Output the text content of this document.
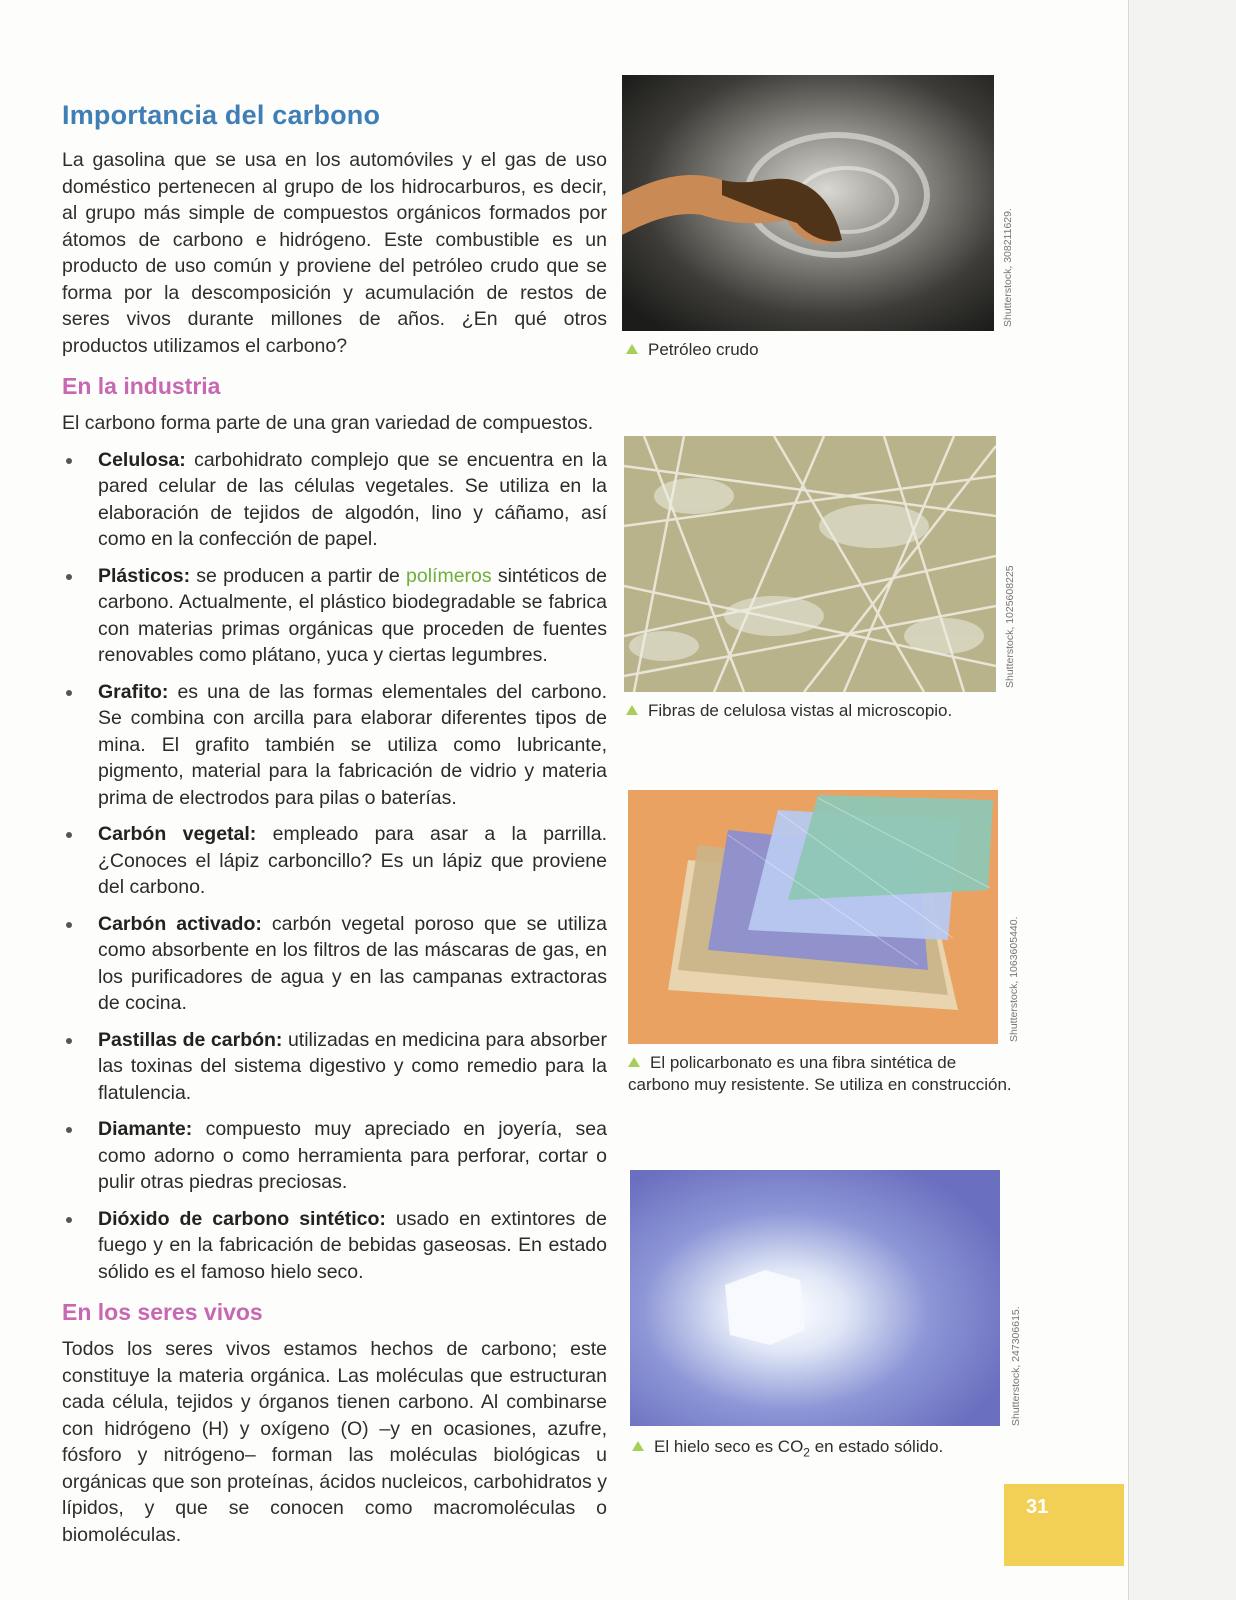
Importancia del carbono

La gasolina que se usa en los automóviles y el gas de uso doméstico pertenecen al grupo de los hidrocarburos, es decir, al grupo más simple de compuestos orgánicos formados por átomos de carbono e hidrógeno. Este combustible es un producto de uso común y proviene del petróleo crudo que se forma por la descomposición y acumulación de restos de seres vivos durante millones de años. ¿En qué otros productos utilizamos el carbono?

En la industria

El carbono forma parte de una gran variedad de compuestos.

Celulosa: carbohidrato complejo que se encuentra en la pared celular de las células vegetales. Se utiliza en la elaboración de tejidos de algodón, lino y cáñamo, así como en la confección de papel.
Plásticos: se producen a partir de polímeros sintéticos de carbono. Actualmente, el plástico biodegradable se fabrica con materias primas orgánicas que proceden de fuentes renovables como plátano, yuca y ciertas legumbres.
Grafito: es una de las formas elementales del carbono. Se combina con arcilla para elaborar diferentes tipos de mina. El grafito también se utiliza como lubricante, pigmento, material para la fabricación de vidrio y materia prima de electrodos para pilas o baterías.
Carbón vegetal: empleado para asar a la parrilla. ¿Conoces el lápiz carboncillo? Es un lápiz que proviene del carbono.
Carbón activado: carbón vegetal poroso que se utiliza como absorbente en los filtros de las máscaras de gas, en los purificadores de agua y en las campanas extractoras de cocina.
Pastillas de carbón: utilizadas en medicina para absorber las toxinas del sistema digestivo y como remedio para la flatulencia.
Diamante: compuesto muy apreciado en joyería, sea como adorno o como herramienta para perforar, cortar o pulir otras piedras preciosas.
Dióxido de carbono sintético: usado en extintores de fuego y en la fabricación de bebidas gaseosas. En estado sólido es el famoso hielo seco.
En los seres vivos

Todos los seres vivos estamos hechos de carbono; este constituye la materia orgánica. Las moléculas que estructuran cada célula, tejidos y órganos tienen carbono. Al combinarse con hidrógeno (H) y oxígeno (O) –y en ocasiones, azufre, fósforo y nitrógeno– forman las moléculas biológicas u orgánicas que son proteínas, ácidos nucleicos, carbohidratos y lípidos, y que se conocen como macromoléculas o biomoléculas.

Shutterstock, 308211629.
Petróleo crudo
Shutterstock, 1025608225
Fibras de celulosa vistas al microscopio.
Shutterstock, 1063605440.
El policarbonato es una fibra sintética de
carbono muy resistente. Se utiliza en construcción.
Shutterstock, 247306615.
El hielo seco es $CO_2$ en estado sólido.
31
